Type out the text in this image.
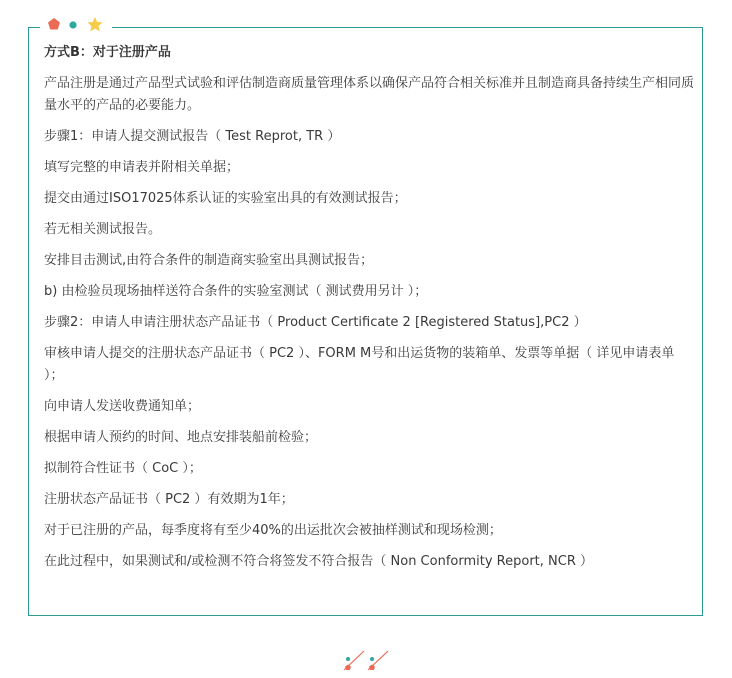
方式B：对于注册产品

产品注册是通过产品型式试验和评估制造商质量管理体系以确保产品符合相关标准并且制造商具备持续生产相同质量水平的产品的必要能力。

步骤1：申请人提交测试报告（ Test Reprot, TR ）

填写完整的申请表并附相关单据；

提交由通过ISO17025体系认证的实验室出具的有效测试报告；

若无相关测试报告。

安排目击测试,由符合条件的制造商实验室出具测试报告；

b) 由检验员现场抽样送符合条件的实验室测试（ 测试费用另计 ）；

步骤2：申请人申请注册状态产品证书（ Product Certificate 2 [Registered Status],PC2 ）

审核申请人提交的注册状态产品证书（ PC2 ）、FORM M号和出运货物的装箱单、发票等单据（ 详见申请表单 ）；

向申请人发送收费通知单；

根据申请人预约的时间、地点安排装船前检验；

拟制符合性证书（ CoC ）；

注册状态产品证书（ PC2 ）有效期为1年；

对于已注册的产品，每季度将有至少40%的出运批次会被抽样测试和现场检测；

在此过程中，如果测试和/或检测不符合将签发不符合报告（ Non Conformity Report, NCR ）
